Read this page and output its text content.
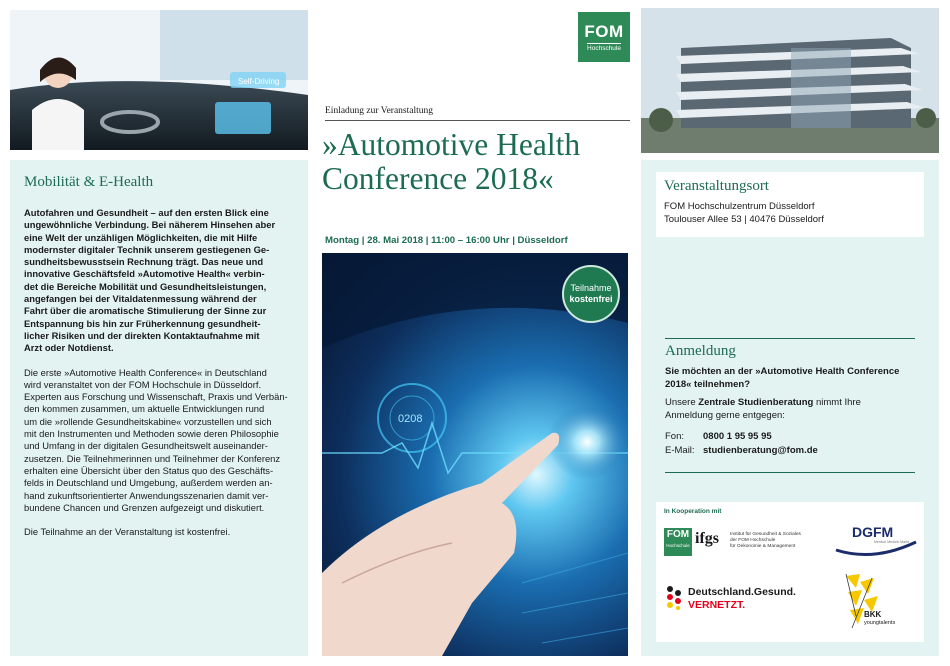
Self-Driving
Mobilität & E-Health
Autofahren und Gesundheit – auf den ersten Blick eine
ungewöhnliche Verbindung. Bei näherem Hinsehen aber
eine Welt der unzähligen Möglichkeiten, die mit Hilfe
modernster digitaler Technik unserem gestiegenen Ge-
sundheitsbewusstsein Rechnung trägt. Das neue und
innovative Geschäftsfeld »Automotive Health« verbin-
det die Bereiche Mobilität und Gesundheitsleistungen,
angefangen bei der Vitaldatenmessung während der
Fahrt über die aromatische Stimulierung der Sinne zur
Entspannung bis hin zur Früherkennung gesundheit-
licher Risiken und der direkten Kontaktaufnahme mit
Arzt oder Notdienst.
Die erste »Automotive Health Conference« in Deutschland
wird veranstaltet von der FOM Hochschule in Düsseldorf.
Experten aus Forschung und Wissenschaft, Praxis und Verbän-
den kommen zusammen, um aktuelle Entwicklungen rund
um die »rollende Gesundheitskabine« vorzustellen und sich
mit den Instrumenten und Methoden sowie deren Philosophie
und Umfang in der digitalen Gesundheitswelt auseinander-
zusetzen. Die Teilnehmerinnen und Teilnehmer der Konferenz
erhalten eine Übersicht über den Status quo des Geschäfts-
felds in Deutschland und Umgebung, außerdem werden an-
hand zukunftsorientierter Anwendungsszenarien damit ver-
bundene Chancen und Grenzen aufgezeigt und diskutiert.
Die Teilnahme an der Veranstaltung ist kostenfrei.
FOM
Hochschule
Einladung zur Veranstaltung
»Automotive Health
Conference 2018«
Montag | 28. Mai 2018 | 11:00 – 16:00 Uhr | Düsseldorf
0208
Teilnahme
kostenfrei
Veranstaltungsort
FOM Hochschulzentrum Düsseldorf
Toulouser Allee 53 | 40476 Düsseldorf
Anmeldung
Sie möchten an der »Automotive Health Conference
2018« teilnehmen?
Unsere Zentrale Studienberatung nimmt Ihre
Anmeldung gerne entgegen:
Fon:	0800 1 95 95 95
E-Mail: studienberatung@fom.de
In Kooperation mit
FOM
Hochschule ifgs Institut für Gesundheit & Soziales
der FOM Hochschule
für Oekonomie & Management
DGFM
Mensch Medizin Markt
Deutschland.Gesund.
VERNETZT.
BKK
youngtalents
